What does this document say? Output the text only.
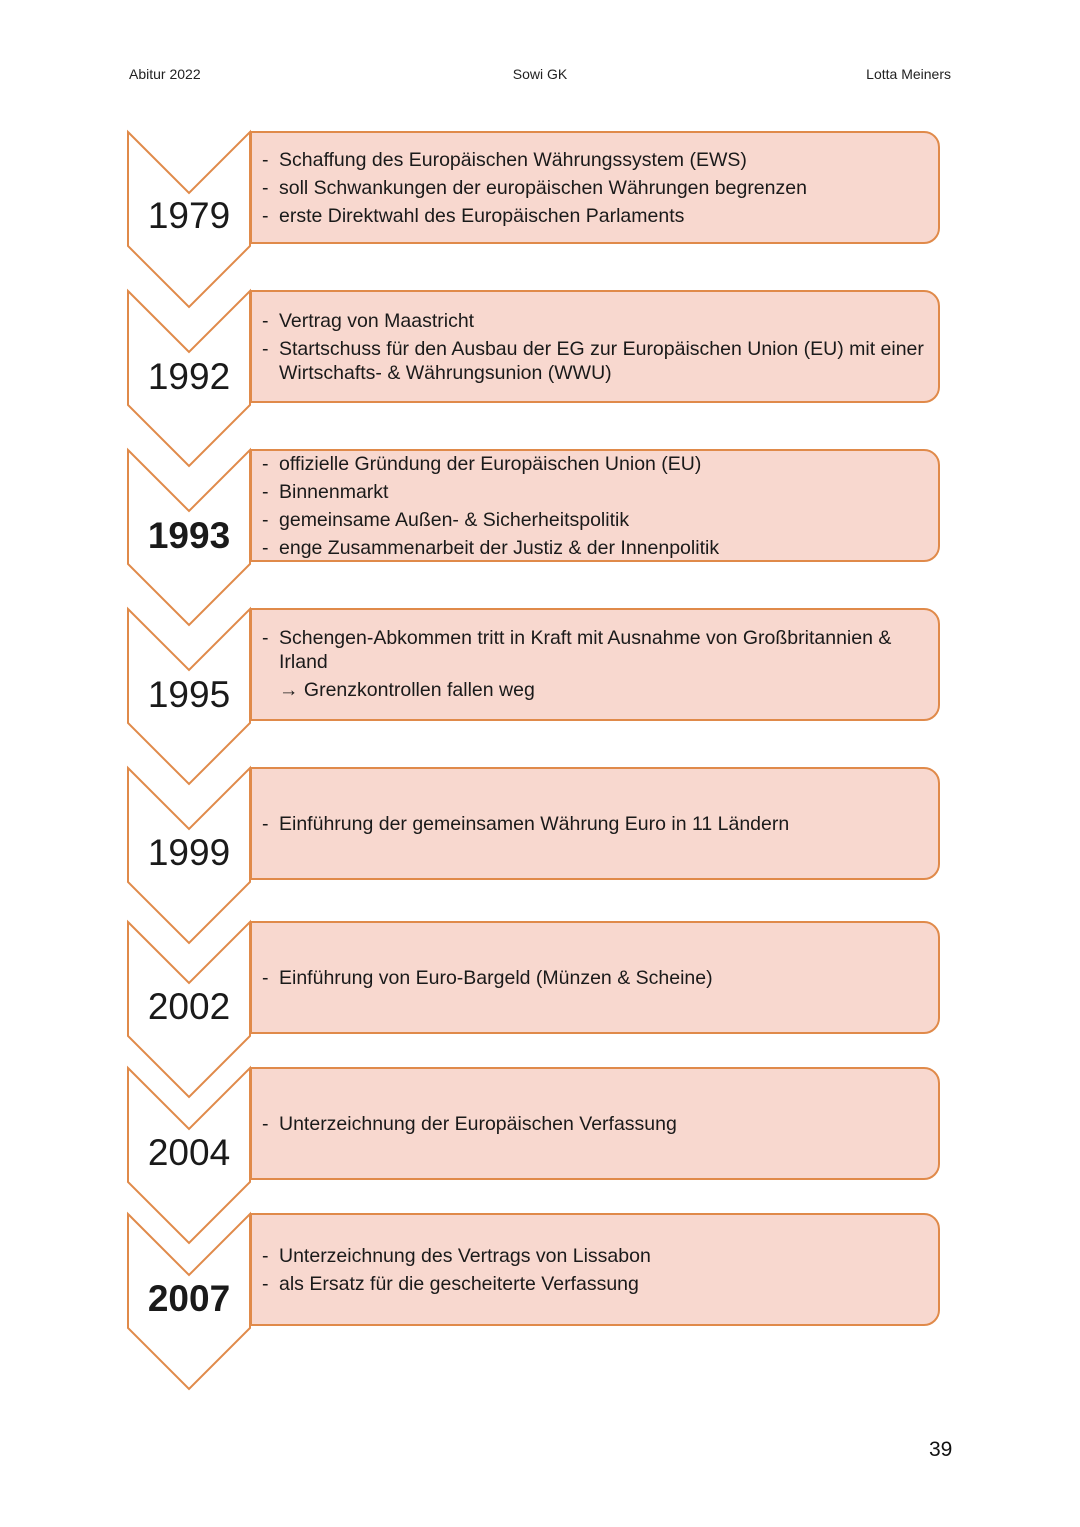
Abitur 2022	Sowi GK	Lotta Meiners
1979
- Schaffung des Europäischen Währungssystem (EWS)
- soll Schwankungen der europäischen Währungen begrenzen
- erste Direktwahl des Europäischen Parlaments
1992
- Vertrag von Maastricht
- Startschuss für den Ausbau der EG zur Europäischen Union (EU) mit einer Wirtschafts- & Währungsunion (WWU)
1993
- offizielle Gründung der Europäischen Union (EU)
- Binnenmarkt
- gemeinsame Außen- & Sicherheitspolitik
- enge Zusammenarbeit der Justiz & der Innenpolitik
1995
- Schengen-Abkommen tritt in Kraft mit Ausnahme von Großbritannien & Irland
→ Grenzkontrollen fallen weg
1999
- Einführung der gemeinsamen Währung Euro in 11 Ländern
2002
- Einführung von Euro-Bargeld (Münzen & Scheine)
2004
- Unterzeichnung der Europäischen Verfassung
2007
- Unterzeichnung des Vertrags von Lissabon
- als Ersatz für die gescheiterte Verfassung
39
